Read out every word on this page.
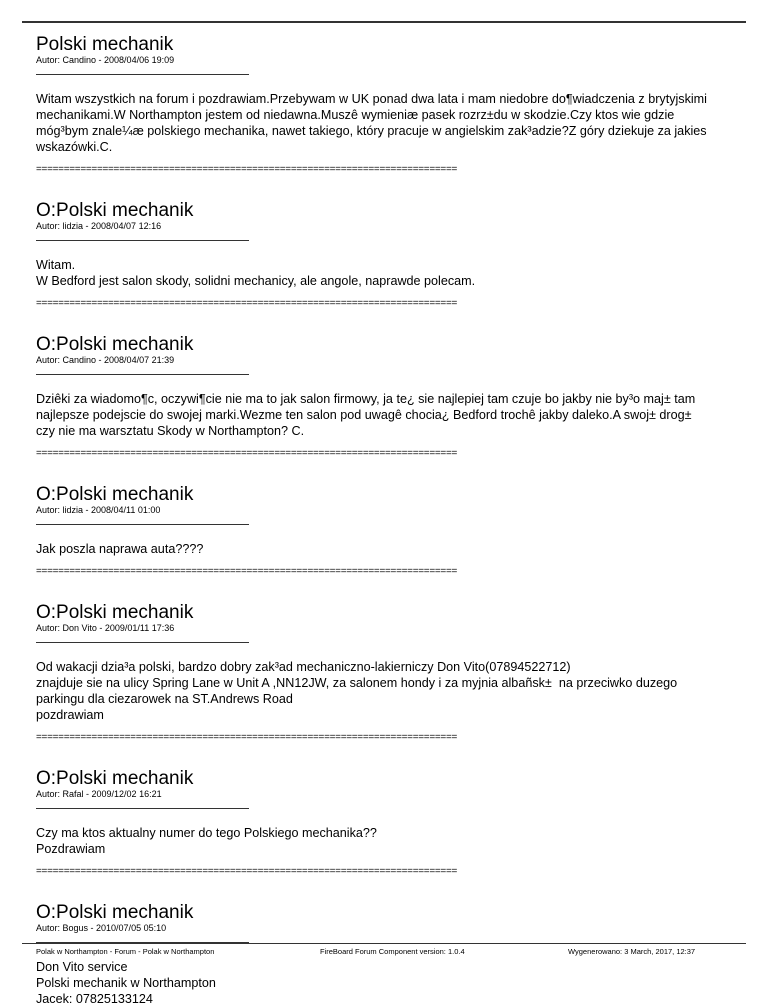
Polski mechanik
Autor: Candino - 2008/04/06 19:09
Witam wszystkich na forum i pozdrawiam.Przebywam w UK ponad dwa lata i mam niedobre do¶wiadczenia z brytyjskimi
mechanikami.W Northampton jestem od niedawna.Muszê wymieniæ pasek rozrz±du w skodzie.Czy ktos wie gdzie
móg³bym znale¼æ polskiego mechanika, nawet takiego, który pracuje w angielskim zak³adzie?Z góry dziekuje za jakies
wskazówki.C.
============================================================================
O:Polski mechanik
Autor: lidzia - 2008/04/07 12:16
Witam.
W Bedford jest salon skody, solidni mechanicy, ale angole, naprawde polecam.
============================================================================
O:Polski mechanik
Autor: Candino - 2008/04/07 21:39
Dziêki za wiadomo¶c, oczywi¶cie nie ma to jak salon firmowy, ja te¿ sie najlepiej tam czuje bo jakby nie by³o maj± tam
najlepsze podejscie do swojej marki.Wezme ten salon pod uwagê chocia¿ Bedford trochê jakby daleko.A swoj± drog±
czy nie ma warsztatu Skody w Northampton? C.
============================================================================
O:Polski mechanik
Autor: lidzia - 2008/04/11 01:00
Jak poszla naprawa auta????
============================================================================
O:Polski mechanik
Autor: Don Vito - 2009/01/11 17:36
Od wakacji dzia³a polski, bardzo dobry zak³ad mechaniczno-lakierniczy Don Vito(07894522712)
znajduje sie na ulicy Spring Lane w Unit A ,NN12JW, za salonem hondy i za myjnia albañsk±  na przeciwko duzego
parkingu dla ciezarowek na ST.Andrews Road
pozdrawiam
============================================================================
O:Polski mechanik
Autor: Rafal - 2009/12/02 16:21
Czy ma ktos aktualny numer do tego Polskiego mechanika??
Pozdrawiam
============================================================================
O:Polski mechanik
Autor: Bogus - 2010/07/05 05:10
Don Vito service
Polski mechanik w Northampton
Jacek: 07825133124
Polak w Northampton - Forum - Polak w Northampton	FireBoard Forum Component version: 1.0.4	Wygenerowano: 3 March, 2017, 12:37
